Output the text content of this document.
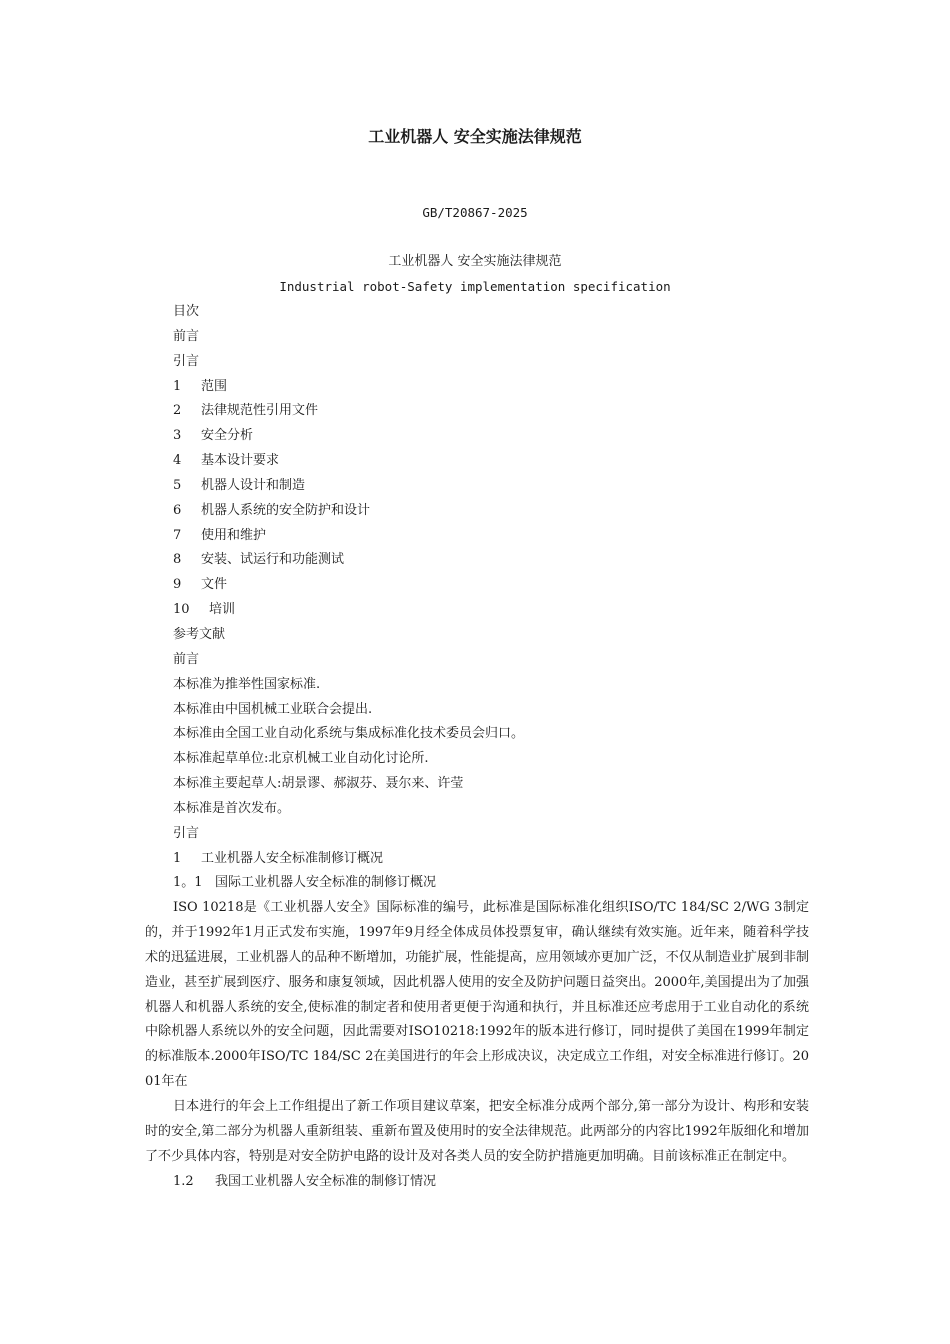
工业机器人 安全实施法律规范
GB/T20867-2025
工业机器人 安全实施法律规范
Industrial robot-Safety implementation specification
目次
前言
引言
1 范围
2 法律规范性引用文件
3 安全分析
4 基本设计要求
5 机器人设计和制造
6 机器人系统的安全防护和设计
7 使用和维护
8 安装、试运行和功能测试
9 文件
10 培训
参考文献
前言
本标准为推举性国家标准.
本标准由中国机械工业联合会提出.
本标准由全国工业自动化系统与集成标准化技术委员会归口。
本标准起草单位:北京机械工业自动化讨论所.
本标准主要起草人:胡景谬、郝淑芬、聂尔来、许莹
本标准是首次发布。
引言
1 工业机器人安全标准制修订概况
1。1 国际工业机器人安全标准的制修订概况
ISO 10218是《工业机器人安全》国际标准的编号，此标准是国际标准化组织ISO/TC 184/SC 2/WG 3制定的，并于1992年1月正式发布实施，1997年9月经全体成员体投票复审，确认继续有效实施。近年来，随着科学技术的迅猛进展，工业机器人的品种不断增加，功能扩展，性能提高，应用领域亦更加广泛，不仅从制造业扩展到非制造业，甚至扩展到医疗、服务和康复领域，因此机器人使用的安全及防护问题日益突出。2000年,美国提出为了加强机器人和机器人系统的安全,使标准的制定者和使用者更便于沟通和执行，并且标准还应考虑用于工业自动化的系统中除机器人系统以外的安全问题，因此需要对ISO10218:1992年的版本进行修订，同时提供了美国在1999年制定的标准版本.2000年ISO/TC 184/SC 2在美国进行的年会上形成决议，决定成立工作组，对安全标准进行修订。2001年在
日本进行的年会上工作组提出了新工作项目建议草案，把安全标准分成两个部分,第一部分为设计、构形和安装时的安全,第二部分为机器人重新组装、重新布置及使用时的安全法律规范。此两部分的内容比1992年版细化和增加了不少具体内容，特别是对安全防护电路的设计及对各类人员的安全防护措施更加明确。目前该标准正在制定中。
1.2 我国工业机器人安全标准的制修订情况
